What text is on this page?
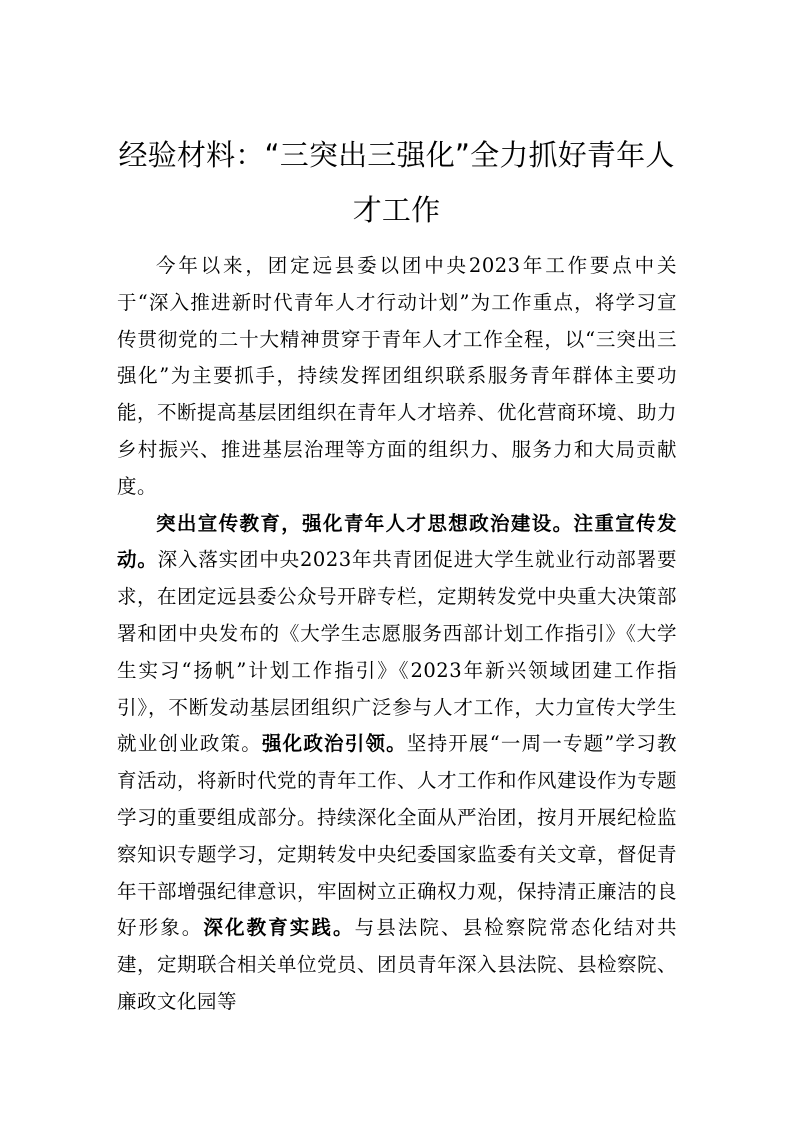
经验材料：“三突出三强化”全力抓好青年人
才工作

今年以来，团定远县委以团中央2023年工作要点中关于“深入推进新时代青年人才行动计划”为工作重点，将学习宣传贯彻党的二十大精神贯穿于青年人才工作全程，以“三突出三强化”为主要抓手，持续发挥团组织联系服务青年群体主要功能，不断提高基层团组织在青年人才培养、优化营商环境、助力乡村振兴、推进基层治理等方面的组织力、服务力和大局贡献度。

突出宣传教育，强化青年人才思想政治建设。注重宣传发动。深入落实团中央2023年共青团促进大学生就业行动部署要求，在团定远县委公众号开辟专栏，定期转发党中央重大决策部署和团中央发布的《大学生志愿服务西部计划工作指引》《大学生实习“扬帆”计划工作指引》《2023年新兴领域团建工作指引》，不断发动基层团组织广泛参与人才工作，大力宣传大学生就业创业政策。强化政治引领。坚持开展“一周一专题”学习教育活动，将新时代党的青年工作、人才工作和作风建设作为专题学习的重要组成部分。持续深化全面从严治团，按月开展纪检监察知识专题学习，定期转发中央纪委国家监委有关文章，督促青年干部增强纪律意识，牢固树立正确权力观，保持清正廉洁的良好形象。深化教育实践。与县法院、县检察院常态化结对共建，定期联合相关单位党员、团员青年深入县法院、县检察院、廉政文化园等
